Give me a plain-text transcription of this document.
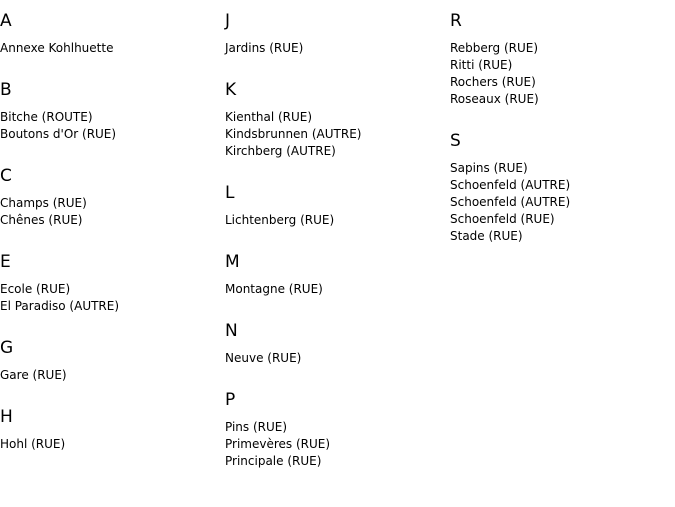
A
Annexe Kohlhuette
B
Bitche (ROUTE)
Boutons d'Or (RUE)
C
Champs (RUE)
Chênes (RUE)
E
Ecole (RUE)
El Paradiso (AUTRE)
G
Gare (RUE)
H
Hohl (RUE)
J
Jardins (RUE)
K
Kienthal (RUE)
Kindsbrunnen (AUTRE)
Kirchberg (AUTRE)
L
Lichtenberg (RUE)
M
Montagne (RUE)
N
Neuve (RUE)
P
Pins (RUE)
Primevères (RUE)
Principale (RUE)
R
Rebberg (RUE)
Ritti (RUE)
Rochers (RUE)
Roseaux (RUE)
S
Sapins (RUE)
Schoenfeld (AUTRE)
Schoenfeld (AUTRE)
Schoenfeld (RUE)
Stade (RUE)
